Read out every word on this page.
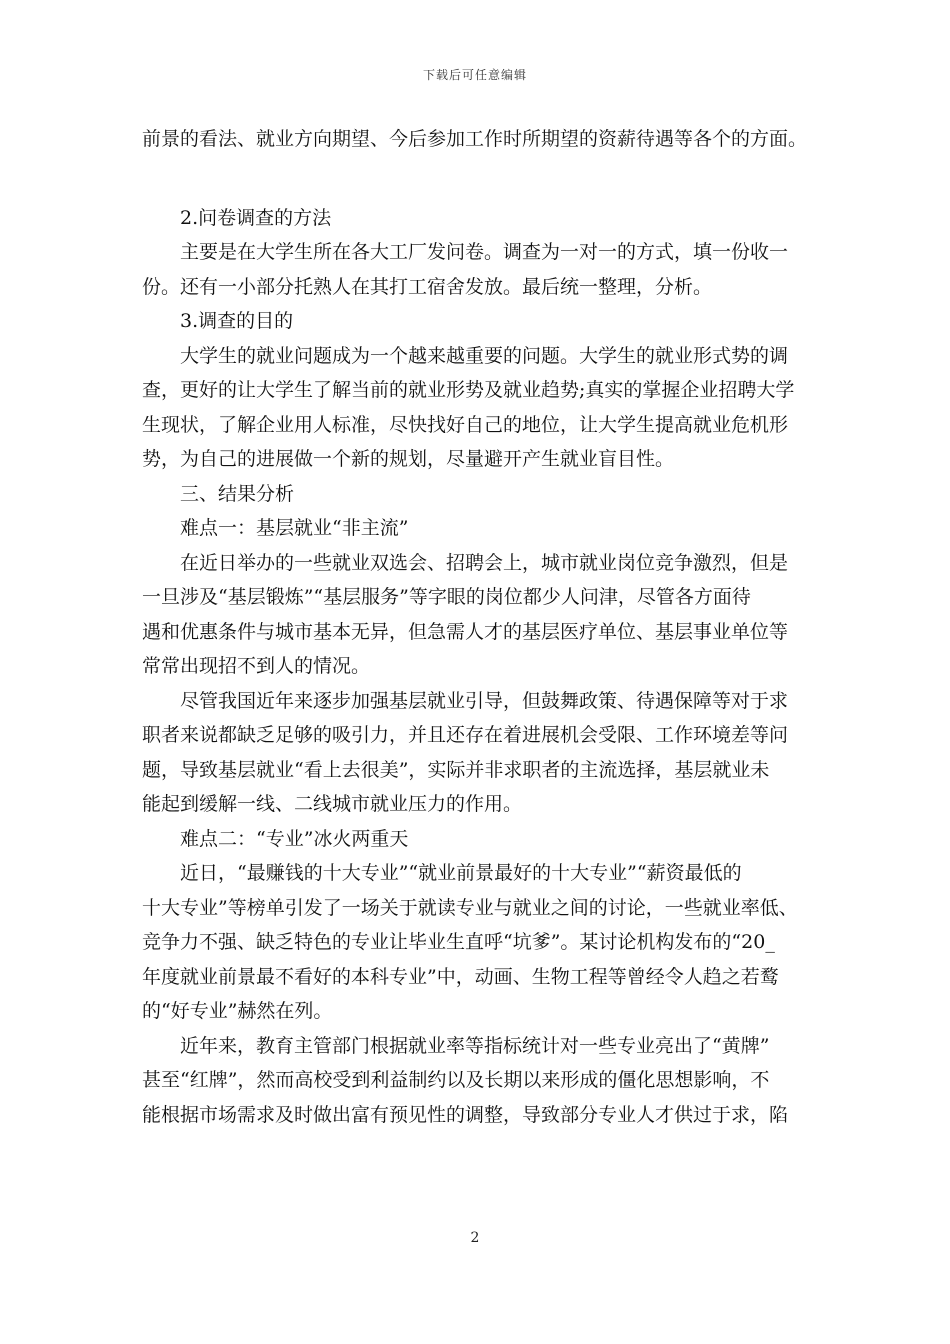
下载后可任意编辑
前景的看法、就业方向期望、今后参加工作时所期望的资薪待遇等各个的方面。
2.问卷调查的方法
主要是在大学生所在各大工厂发问卷。调查为一对一的方式，填一份收一
份。还有一小部分托熟人在其打工宿舍发放。最后统一整理，分析。
3.调查的目的
大学生的就业问题成为一个越来越重要的问题。大学生的就业形式势的调
查，更好的让大学生了解当前的就业形势及就业趋势;真实的掌握企业招聘大学
生现状，了解企业用人标准，尽快找好自己的地位，让大学生提高就业危机形
势，为自己的进展做一个新的规划，尽量避开产生就业盲目性。
三、结果分析
难点一：基层就业“非主流”
在近日举办的一些就业双选会、招聘会上，城市就业岗位竞争激烈，但是
一旦涉及“基层锻炼”“基层服务”等字眼的岗位都少人问津，尽管各方面待
遇和优惠条件与城市基本无异，但急需人才的基层医疗单位、基层事业单位等
常常出现招不到人的情况。
尽管我国近年来逐步加强基层就业引导，但鼓舞政策、待遇保障等对于求
职者来说都缺乏足够的吸引力，并且还存在着进展机会受限、工作环境差等问
题，导致基层就业“看上去很美”，实际并非求职者的主流选择，基层就业未
能起到缓解一线、二线城市就业压力的作用。
难点二：“专业”冰火两重天
近日，“最赚钱的十大专业”“就业前景最好的十大专业”“薪资最低的
十大专业”等榜单引发了一场关于就读专业与就业之间的讨论，一些就业率低、
竞争力不强、缺乏特色的专业让毕业生直呼“坑爹”。某讨论机构发布的“20_
年度就业前景最不看好的本科专业”中，动画、生物工程等曾经令人趋之若鹜
的“好专业”赫然在列。
近年来，教育主管部门根据就业率等指标统计对一些专业亮出了“黄牌”
甚至“红牌”，然而高校受到利益制约以及长期以来形成的僵化思想影响，不
能根据市场需求及时做出富有预见性的调整，导致部分专业人才供过于求，陷
2
